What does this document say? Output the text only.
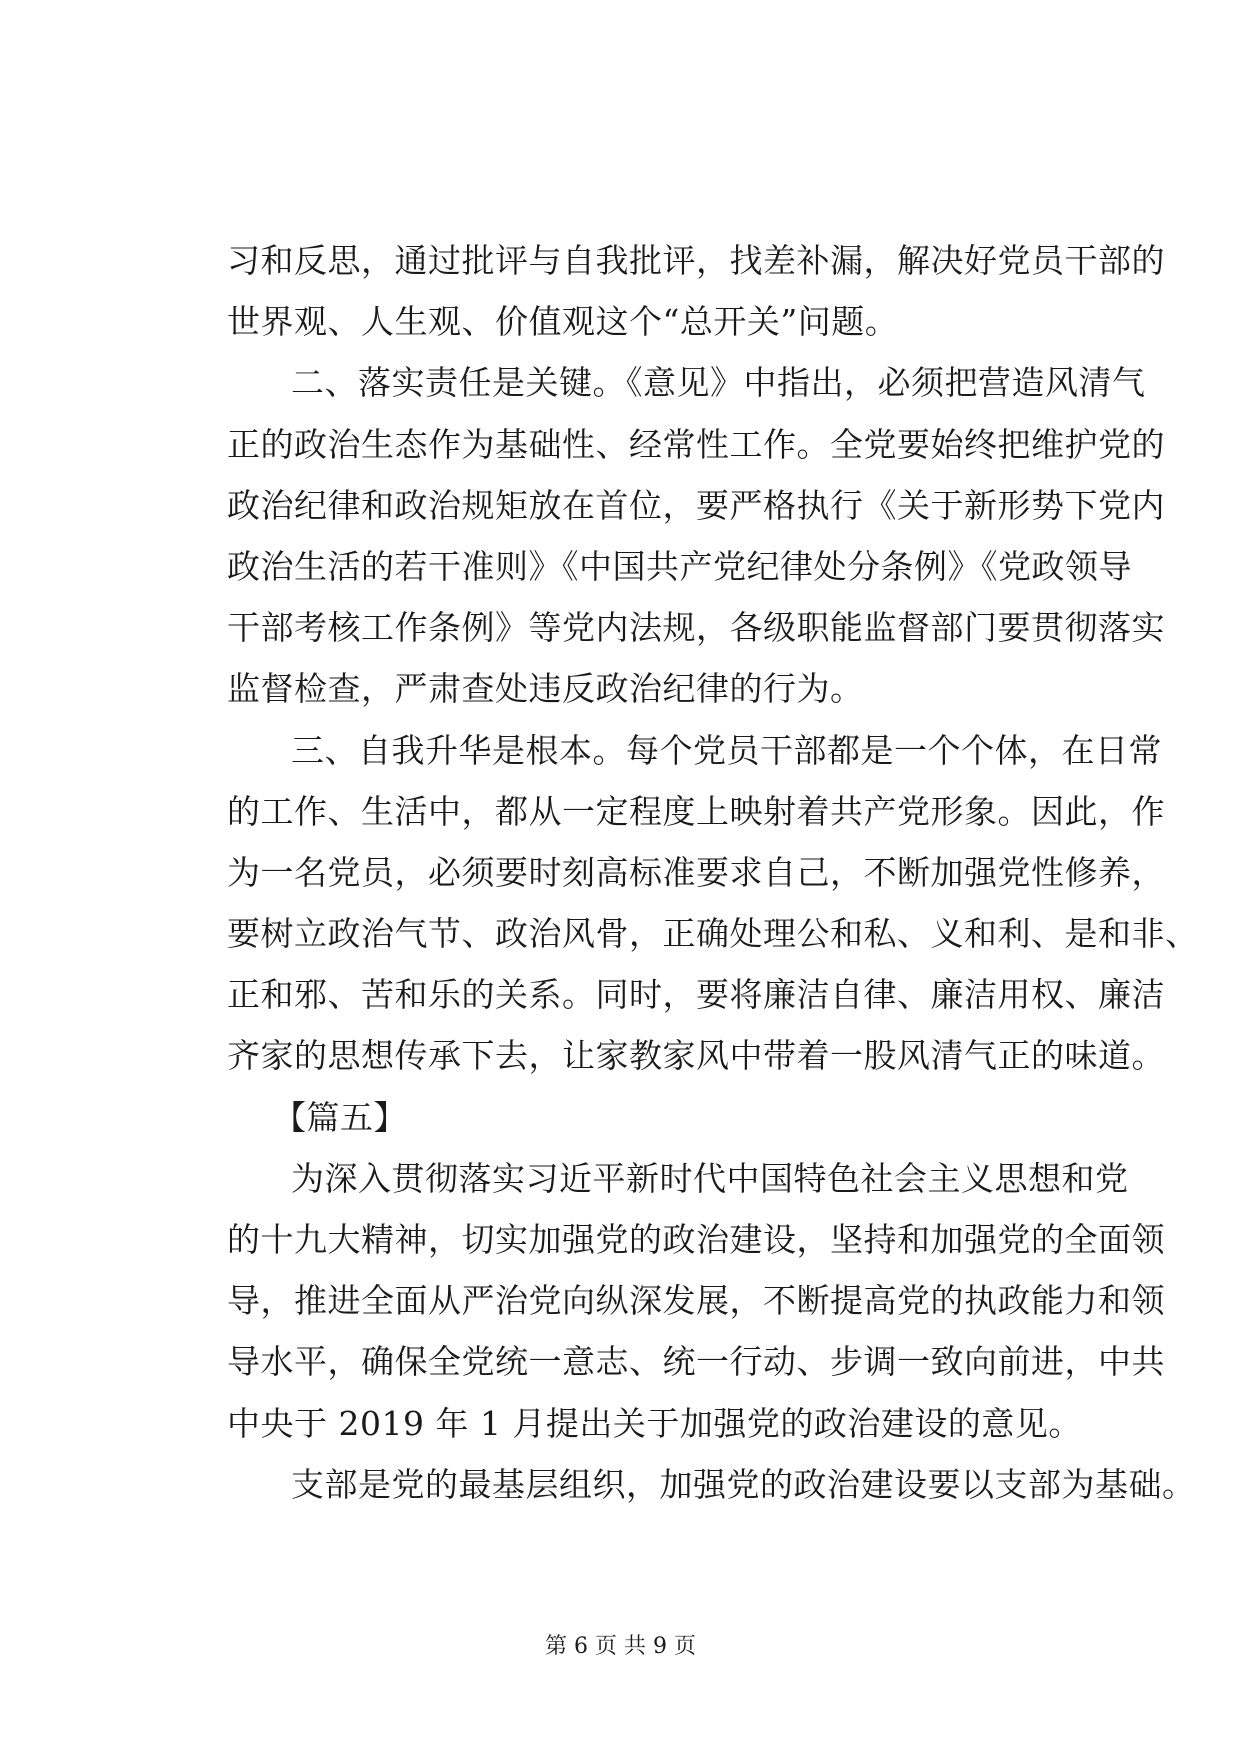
习和反思，通过批评与自我批评，找差补漏，解决好党员干部的
世界观、人生观、价值观这个“总开关”问题。
二、落实责任是关键。《意见》中指出，必须把营造风清气
正的政治生态作为基础性、经常性工作。全党要始终把维护党的
政治纪律和政治规矩放在首位，要严格执行《关于新形势下党内
政治生活的若干准则》《中国共产党纪律处分条例》《党政领导
干部考核工作条例》等党内法规，各级职能监督部门要贯彻落实
监督检查，严肃查处违反政治纪律的行为。
三、自我升华是根本。每个党员干部都是一个个体，在日常
的工作、生活中，都从一定程度上映射着共产党形象。因此，作
为一名党员，必须要时刻高标准要求自己，不断加强党性修养，
要树立政治气节、政治风骨，正确处理公和私、义和利、是和非、
正和邪、苦和乐的关系。同时，要将廉洁自律、廉洁用权、廉洁
齐家的思想传承下去，让家教家风中带着一股风清气正的味道。
【篇五】
为深入贯彻落实习近平新时代中国特色社会主义思想和党
的十九大精神，切实加强党的政治建设，坚持和加强党的全面领
导，推进全面从严治党向纵深发展，不断提高党的执政能力和领
导水平，确保全党统一意志、统一行动、步调一致向前进，中共
中央于 2019 年 1 月提出关于加强党的政治建设的意见。
支部是党的最基层组织，加强党的政治建设要以支部为基础。
第 6 页 共 9 页
